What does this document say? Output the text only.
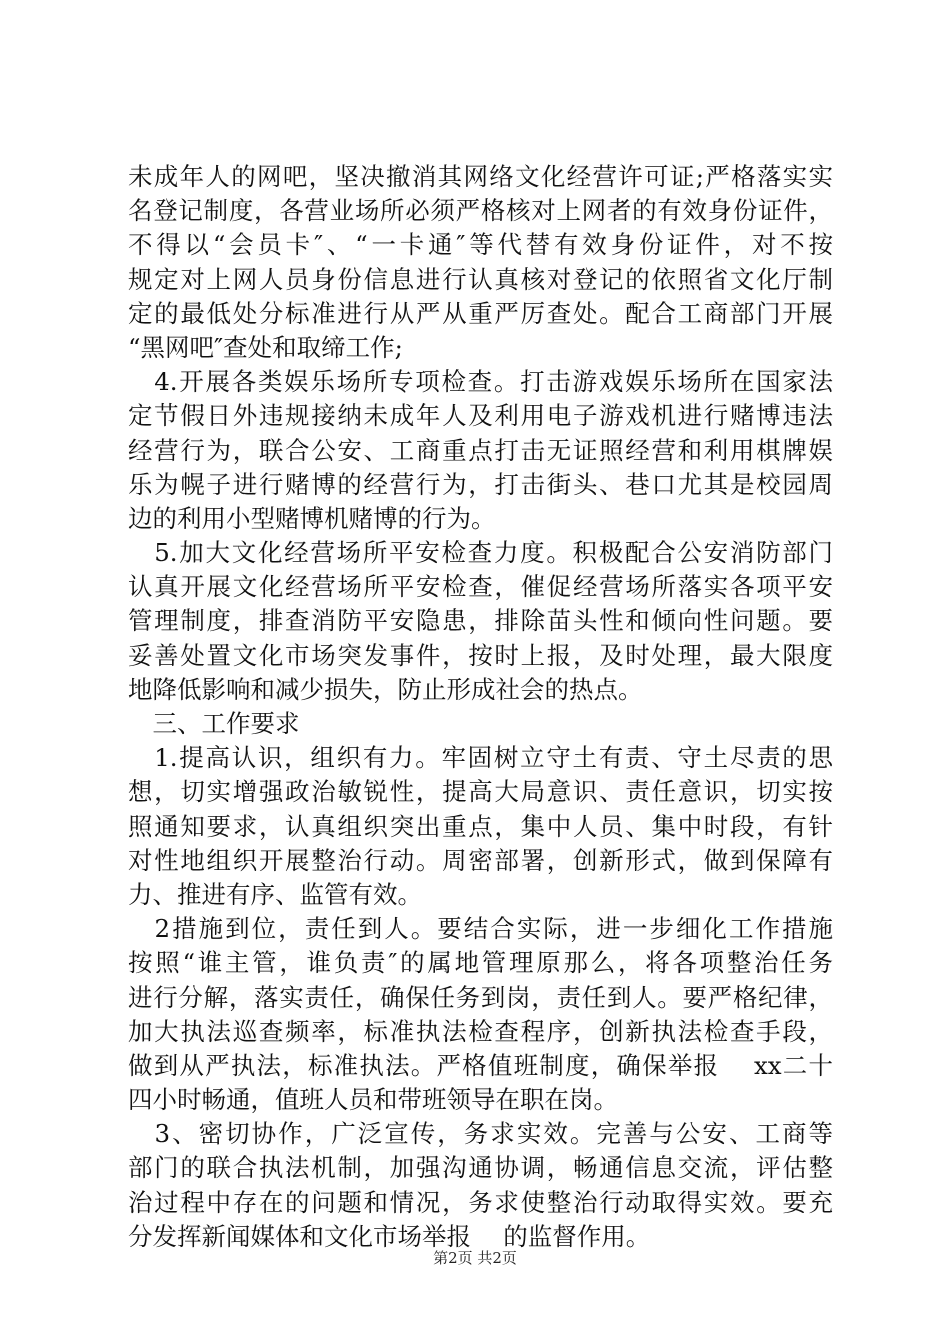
未成年人的网吧，坚决撤消其网络文化经营许可证;严格落实实
名登记制度，各营业场所必须严格核对上网者的有效身份证件，
不得以“会员卡″、“一卡通″等代替有效身份证件，对不按
规定对上网人员身份信息进行认真核对登记的依照省文化厅制
定的最低处分标准进行从严从重严厉查处。配合工商部门开展
“黑网吧″查处和取缔工作;
　4.开展各类娱乐场所专项检查。打击游戏娱乐场所在国家法
定节假日外违规接纳未成年人及利用电子游戏机进行赌博违法
经营行为，联合公安、工商重点打击无证照经营和利用棋牌娱
乐为幌子进行赌博的经营行为，打击街头、巷口尤其是校园周
边的利用小型赌博机赌博的行为。
　5.加大文化经营场所平安检查力度。积极配合公安消防部门
认真开展文化经营场所平安检查，催促经营场所落实各项平安
管理制度，排查消防平安隐患，排除苗头性和倾向性问题。要
妥善处置文化市场突发事件，按时上报，及时处理，最大限度
地降低影响和减少损失，防止形成社会的热点。
　三、工作要求
　1.提高认识，组织有力。牢固树立守土有责、守土尽责的思
想，切实增强政治敏锐性，提高大局意识、责任意识，切实按
照通知要求，认真组织突出重点，集中人员、集中时段，有针
对性地组织开展整治行动。周密部署，创新形式，做到保障有
力、推进有序、监管有效。
　2措施到位，责任到人。要结合实际，进一步细化工作措施
按照“谁主管，谁负责″的属地管理原那么，将各项整治任务
进行分解，落实责任，确保任务到岗，责任到人。要严格纪律，
加大执法巡查频率，标准执法检查程序，创新执法检查手段，
做到从严执法，标准执法。严格值班制度，确保举报　 xx二十
四小时畅通，值班人员和带班领导在职在岗。
　3、密切协作，广泛宣传，务求实效。完善与公安、工商等
部门的联合执法机制，加强沟通协调，畅通信息交流，评估整
治过程中存在的问题和情况，务求使整治行动取得实效。要充
分发挥新闻媒体和文化市场举报　 的监督作用。
第2页 共2页
